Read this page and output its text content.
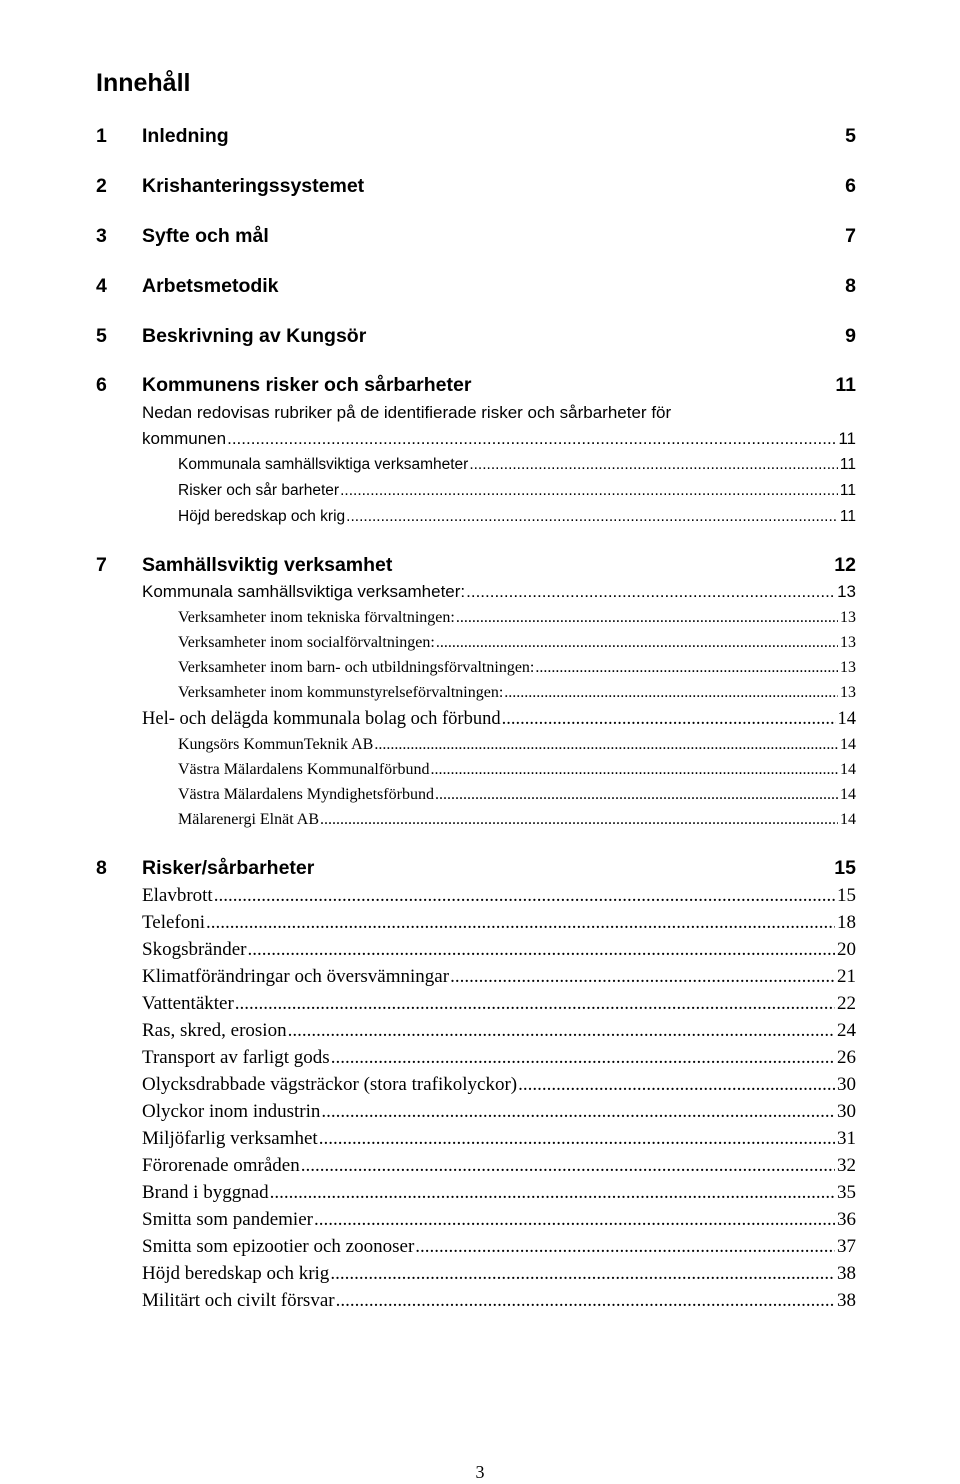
Innehåll
1 Inledning	5
2 Krishanteringssystemet	6
3 Syfte och mål	7
4 Arbetsmetodik	8
5 Beskrivning av Kungsör	9
6 Kommunens risker och sårbarheter	11
Nedan redovisas rubriker på de identifierade risker och sårbarheter för
kommunen .....	11
Kommunala samhällsviktiga verksamheter .....	11
Risker och sår barheter .....	11
Höjd beredskap och krig .....	11
7 Samhällsviktig verksamhet	12
Kommunala samhällsviktiga verksamheter: .....	13
Verksamheter inom tekniska förvaltningen: .....	13
Verksamheter inom socialförvaltningen: .....	13
Verksamheter inom barn- och utbildningsförvaltningen: .....	13
Verksamheter inom kommunstyrelseförvaltningen: .....	13
Hel- och delägda kommunala bolag och förbund .....	14
Kungsörs KommunTeknik AB .....	14
Västra Mälardalens Kommunalförbund .....	14
Västra Mälardalens Myndighetsförbund .....	14
Mälarenergi Elnät AB .....	14
8 Risker/sårbarheter	15
Elavbrott .....	15
Telefoni .....	18
Skogsbränder .....	20
Klimatförändringar och översvämningar .....	21
Vattentäkter .....	22
Ras, skred, erosion .....	24
Transport av farligt gods .....	26
Olycksdrabbade vägsträckor (stora trafikolyckor) .....	30
Olyckor inom industrin .....	30
Miljöfarlig verksamhet .....	31
Förorenade områden .....	32
Brand i byggnad .....	35
Smitta som pandemier .....	36
Smitta som epizootier och zoonoser .....	37
Höjd beredskap och krig .....	38
Militärt och civilt försvar .....	38
3
